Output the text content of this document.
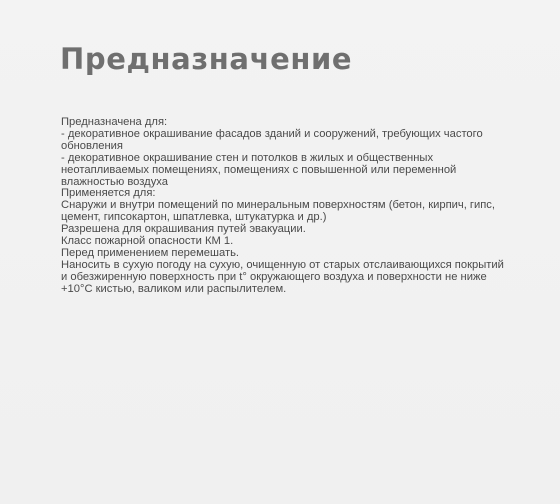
Предназначение
Предназначена для:
- декоративное окрашивание фасадов зданий и сооружений, требующих частого
обновления
- декоративное окрашивание стен и потолков в жилых и общественных
неотапливаемых помещениях, помещениях с повышенной или переменной
влажностью воздуха
Применяется для:
Снаружи и внутри помещений по минеральным поверхностям (бетон, кирпич, гипс,
цемент, гипсокартон, шпатлевка, штукатурка и др.)
Разрешена для окрашивания путей эвакуации.
Класс пожарной опасности КМ 1.
Перед применением перемешать.
Наносить в сухую погоду на сухую, очищенную от старых отслаивающихся покрытий
и обезжиренную поверхность при t° окружающего воздуха и поверхности не ниже
+10°С кистью, валиком или распылителем.
